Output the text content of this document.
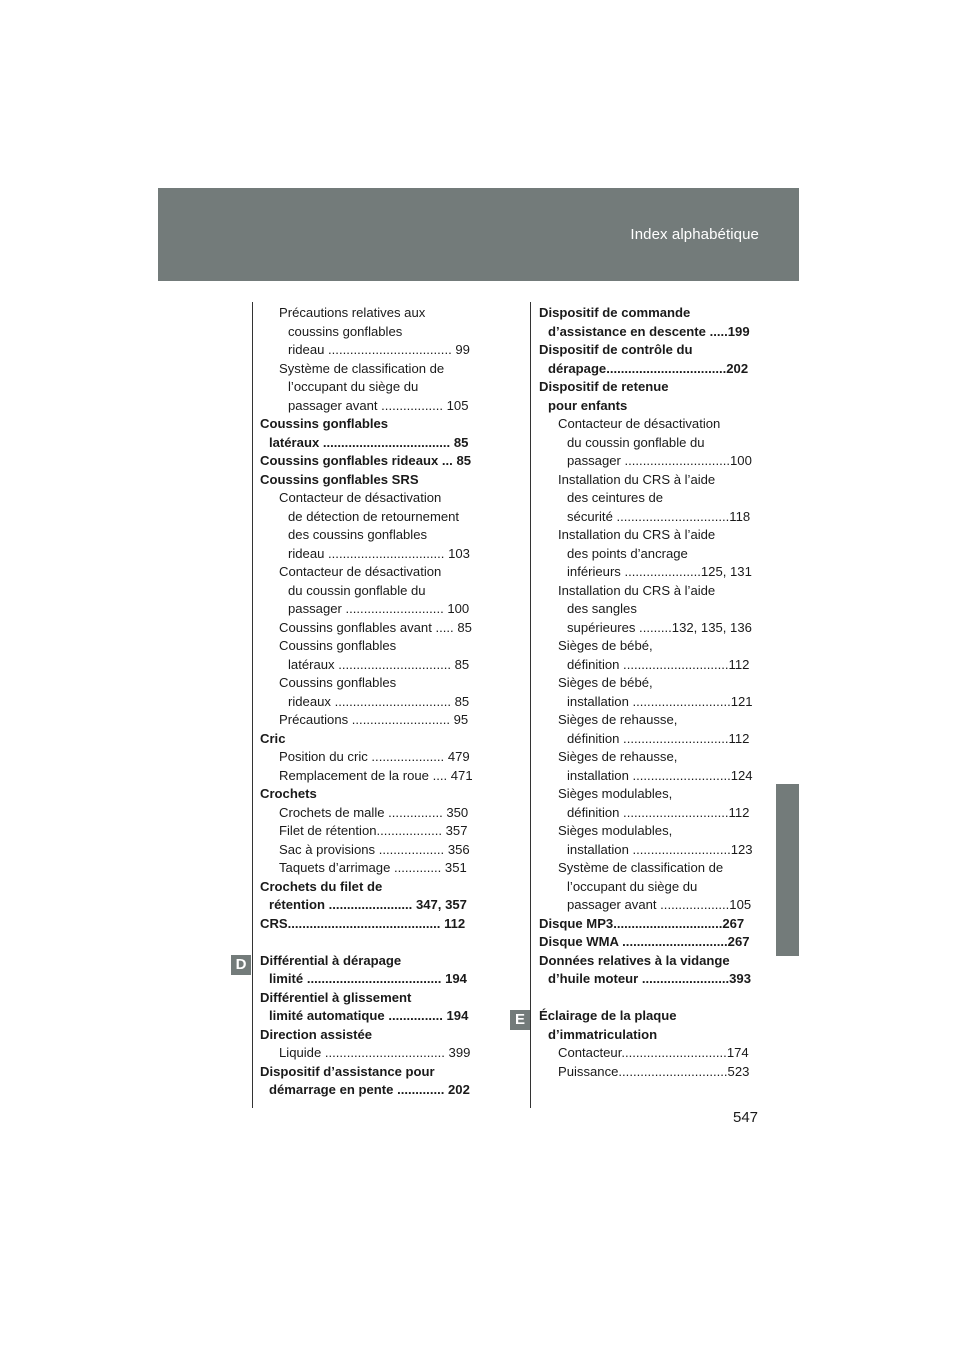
Index alphabétique
D
E
Précautions relatives aux
coussins gonflables
rideau .................................. 99
Système de classification de
l’occupant du siège du
passager avant ................. 105
Coussins gonflables
latéraux ................................... 85
Coussins gonflables rideaux ... 85
Coussins gonflables SRS
Contacteur de désactivation
de détection de retournement
des coussins gonflables
rideau ................................ 103
Contacteur de désactivation
du coussin gonflable du
passager ........................... 100
Coussins gonflables avant ..... 85
Coussins gonflables
latéraux ............................... 85
Coussins gonflables
rideaux ................................ 85
Précautions ........................... 95
Cric
Position du cric .................... 479
Remplacement de la roue .... 471
Crochets
Crochets de malle ............... 350
Filet de rétention.................. 357
Sac à provisions .................. 356
Taquets d’arrimage ............. 351
Crochets du filet de
rétention ....................... 347, 357
CRS.......................................... 112
Différential à dérapage
limité ..................................... 194
Différentiel à glissement
limité automatique ............... 194
Direction assistée
Liquide ................................. 399
Dispositif d’assistance pour
démarrage en pente ............. 202
Dispositif de commande
d’assistance en descente .....199
Dispositif de contrôle du
dérapage.................................202
Dispositif de retenue
pour enfants
Contacteur de désactivation
du coussin gonflable du
passager .............................100
Installation du CRS à l’aide
des ceintures de
sécurité ...............................118
Installation du CRS à l’aide
des points d’ancrage
inférieurs .....................125, 131
Installation du CRS à l’aide
des sangles
supérieures .........132, 135, 136
Sièges de bébé,
définition .............................112
Sièges de bébé,
installation ...........................121
Sièges de rehausse,
définition .............................112
Sièges de rehausse,
installation ...........................124
Sièges modulables,
définition .............................112
Sièges modulables,
installation ...........................123
Système de classification de
l’occupant du siège du
passager avant ...................105
Disque MP3..............................267
Disque WMA .............................267
Données relatives à la vidange
d’huile moteur ........................393
Éclairage de la plaque
d’immatriculation
Contacteur.............................174
Puissance..............................523
547
